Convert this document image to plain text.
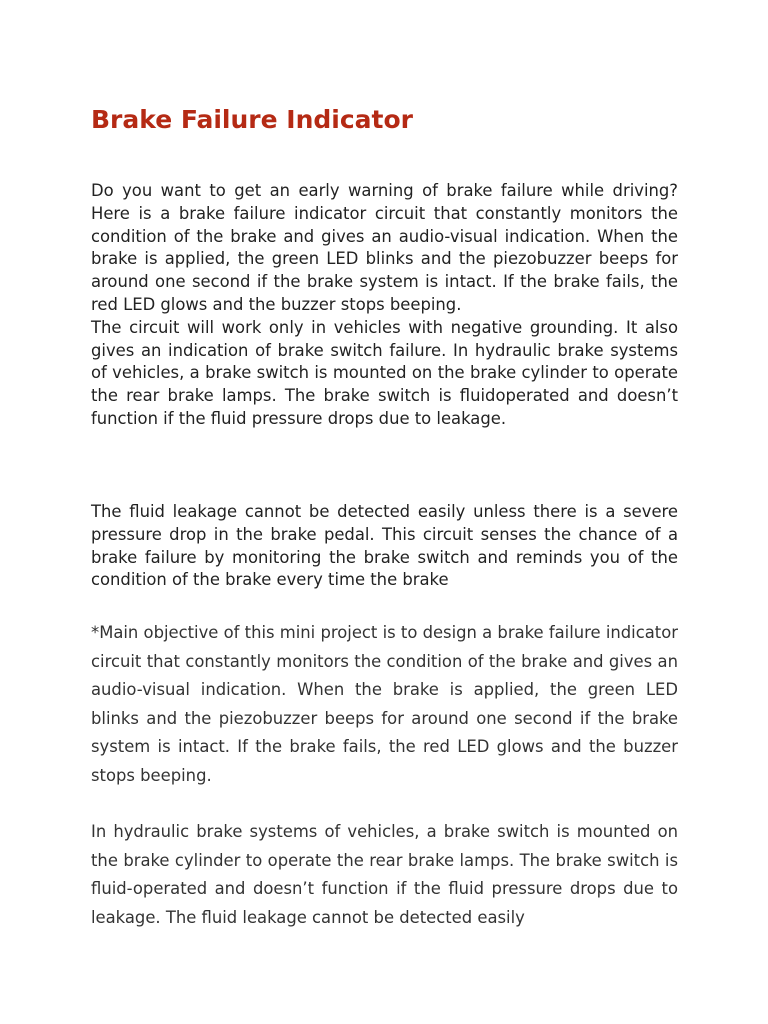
Brake Failure Indicator

Do you want to get an early warning of brake failure while driving? Here is a brake failure indicator circuit that constantly monitors the condition of the brake and gives an audio-visual indication. When the brake is applied, the green LED blinks and the piezobuzzer beeps for around one second if the brake system is intact. If the brake fails, the red LED glows and the buzzer stops beeping.

The circuit will work only in vehicles with negative grounding. It also gives an indication of brake switch failure. In hydraulic brake systems of vehicles, a brake switch is mounted on the brake cylinder to operate the rear brake lamps. The brake switch is fluidoperated and doesn’t function if the fluid pressure drops due to leakage.

The fluid leakage cannot be detected easily unless there is a severe pressure drop in the brake pedal. This circuit senses the chance of a brake failure by monitoring the brake switch and reminds you of the condition of the brake every time the brake

*Main objective of this mini project is to design a brake failure indicator circuit that constantly monitors the condition of the brake and gives an audio-visual indication. When the brake is applied, the green LED blinks and the piezobuzzer beeps for around one second if the brake system is intact. If the brake fails, the red LED glows and the buzzer stops beeping.

In hydraulic brake systems of vehicles, a brake switch is mounted on the brake cylinder to operate the rear brake lamps. The brake switch is fluid-operated and doesn’t function if the fluid pressure drops due to leakage. The fluid leakage cannot be detected easily
